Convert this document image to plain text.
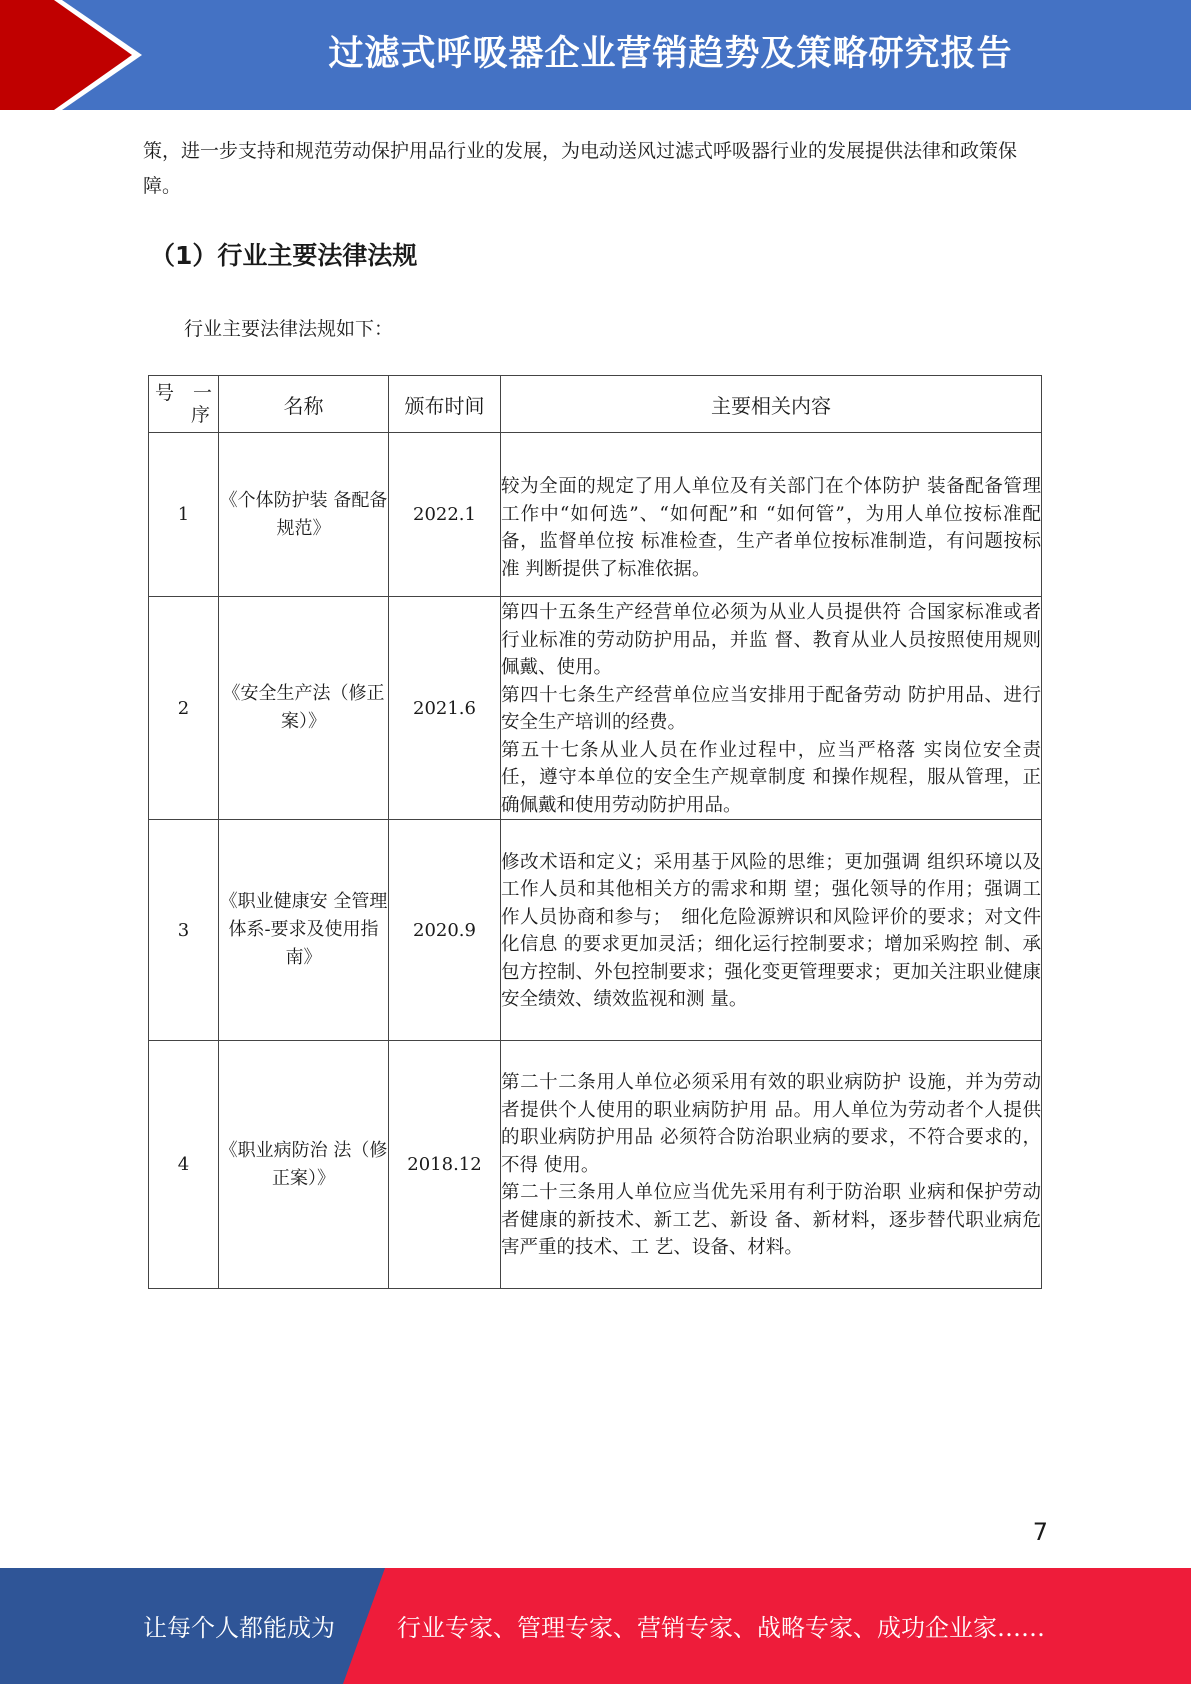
过滤式呼吸器企业营销趋势及策略研究报告

策，进一步支持和规范劳动保护用品行业的发展，为电动送风过滤式呼吸器行业的发展提供法律和政策保障。

（1）行业主要法律法规

行业主要法律法规如下：

号　一
序	名称	颁布时间	主要相关内容
1	《个体防护装 备配备规范》	2022.1	较为全面的规定了用人单位及有关部门在个体防护 装备配备管理工作中“如何选”、“如何配”和 “如何管”，为用人单位按标准配备，监督单位按 标准检查，生产者单位按标准制造，有问题按标准 判断提供了标准依据。

2	《安全生产法（修正案）》	2021.6	第四十五条生产经营单位必须为从业人员提供符 合国家标准或者行业标准的劳动防护用品，并监 督、教育从业人员按照使用规则佩戴、使用。
第四十七条生产经营单位应当安排用于配备劳动 防护用品、进行安全生产培训的经费。
第五十七条从业人员在作业过程中，应当严格落 实岗位安全责任，遵守本单位的安全生产规章制度 和操作规程，服从管理，正确佩戴和使用劳动防护用品。

3	《职业健康安 全管理体系-要求及使用指 南》	2020.9	修改术语和定义；采用基于风险的思维；更加强调 组织环境以及工作人员和其他相关方的需求和期 望；强化领导的作用；强调工作人员协商和参与；　细化危险源辨识和风险评价的要求；对文件化信息 的要求更加灵活；细化运行控制要求；增加采购控 制、承包方控制、外包控制要求；强化变更管理要求；更加关注职业健康安全绩效、绩效监视和测 量。

4	《职业病防治 法（修正案）》	2018.12	第二十二条用人单位必须采用有效的职业病防护 设施，并为劳动者提供个人使用的职业病防护用 品。用人单位为劳动者个人提供的职业病防护用品 必须符合防治职业病的要求，不符合要求的，不得 使用。
第二十三条用人单位应当优先采用有利于防治职 业病和保护劳动者健康的新技术、新工艺、新设 备、新材料，逐步替代职业病危害严重的技术、工 艺、设备、材料。
7
让每个人都能成为	行业专家、管理专家、营销专家、战略专家、成功企业家……
